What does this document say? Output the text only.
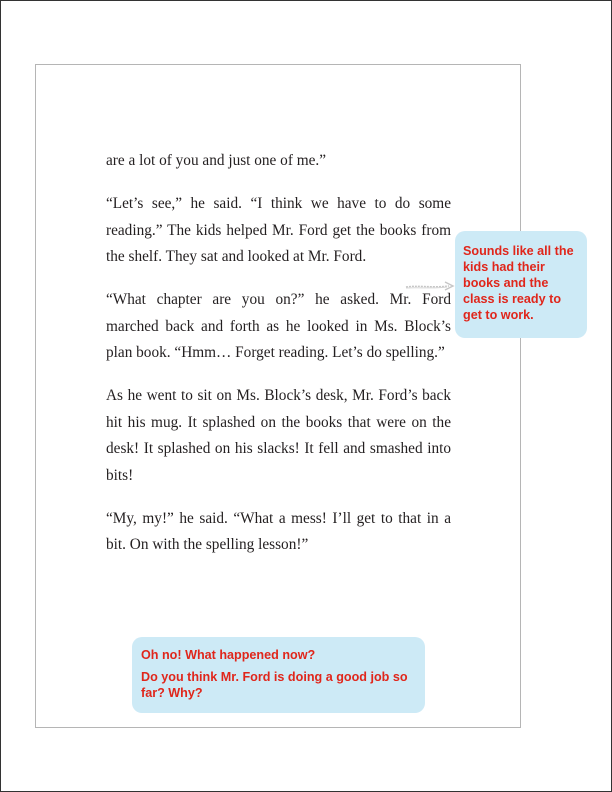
are a lot of you and just one of me.”

“Let’s see,” he said. “I think we have to do some reading.” The kids helped Mr. Ford get the books from the shelf. They sat and looked at Mr. Ford.

“What chapter are you on?” he asked. Mr. Ford marched back and forth as he looked in Ms. Block’s plan book. “Hmm… Forget reading. Let’s do spelling.”

As he went to sit on Ms. Block’s desk, Mr. Ford’s back hit his mug. It splashed on the books that were on the desk! It splashed on his slacks! It fell and smashed into bits!

“My, my!” he said. “What a mess! I’ll get to that in a bit. On with the spelling lesson!”

Sounds like all the kids had their books and the class is ready to get to work.

Oh no! What happened now?

Do you think Mr. Ford is doing a good job so far? Why?
